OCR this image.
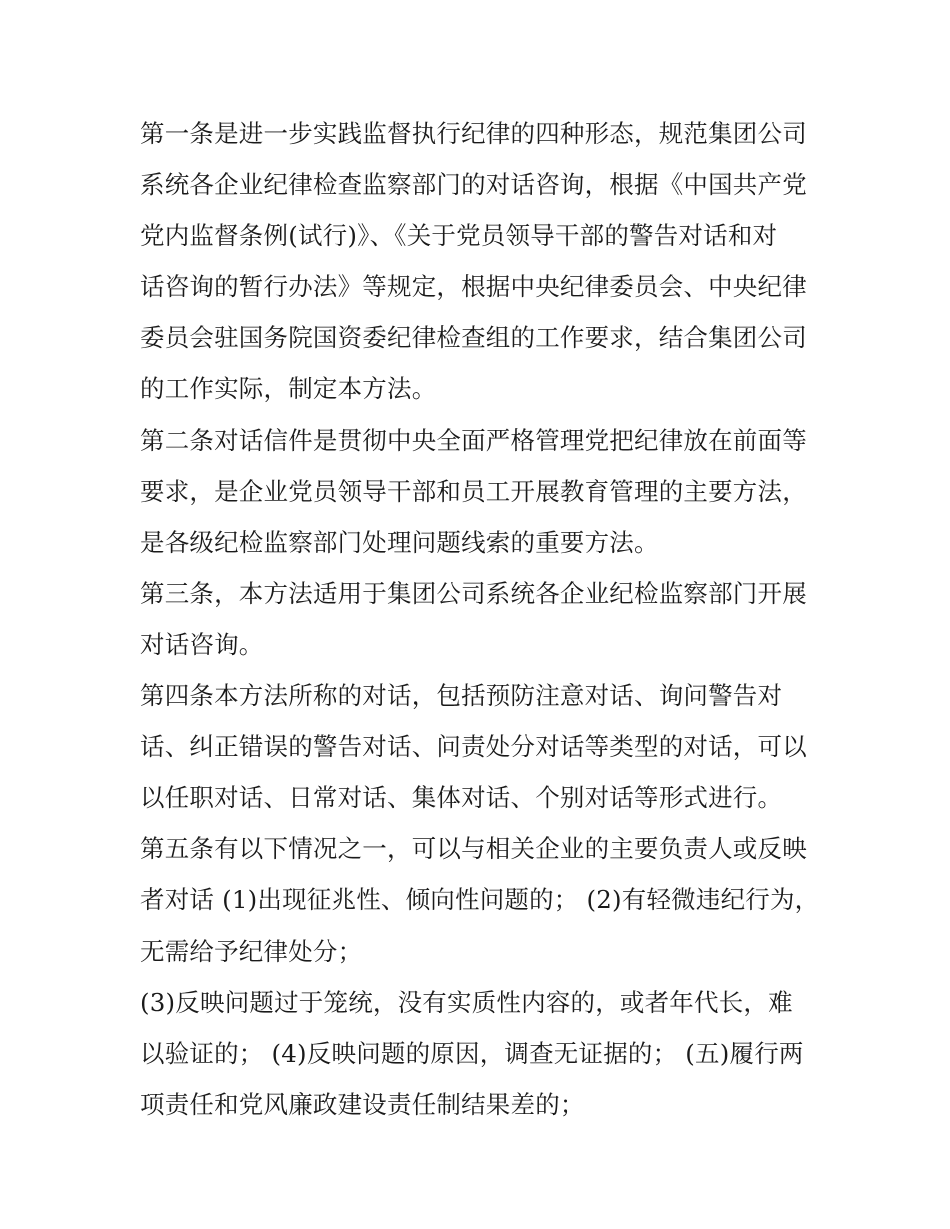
第一条是进一步实践监督执行纪律的四种形态，规范集团公司
系统各企业纪律检查监察部门的对话咨询，根据《中国共产党
党内监督条例(试行)》、《关于党员领导干部的警告对话和对
话咨询的暂行办法》等规定，根据中央纪律委员会、中央纪律
委员会驻国务院国资委纪律检查组的工作要求，结合集团公司
的工作实际，制定本方法。
第二条对话信件是贯彻中央全面严格管理党把纪律放在前面等
要求，是企业党员领导干部和员工开展教育管理的主要方法，
是各级纪检监察部门处理问题线索的重要方法。
第三条，本方法适用于集团公司系统各企业纪检监察部门开展
对话咨询。
第四条本方法所称的对话，包括预防注意对话、询问警告对
话、纠正错误的警告对话、问责处分对话等类型的对话，可以
以任职对话、日常对话、集体对话、个别对话等形式进行。
第五条有以下情况之一，可以与相关企业的主要负责人或反映
者对话 (1)出现征兆性、倾向性问题的； (2)有轻微违纪行为，
无需给予纪律处分；
(3)反映问题过于笼统，没有实质性内容的，或者年代长，难
以验证的； (4)反映问题的原因，调查无证据的； (五)履行两
项责任和党风廉政建设责任制结果差的；
